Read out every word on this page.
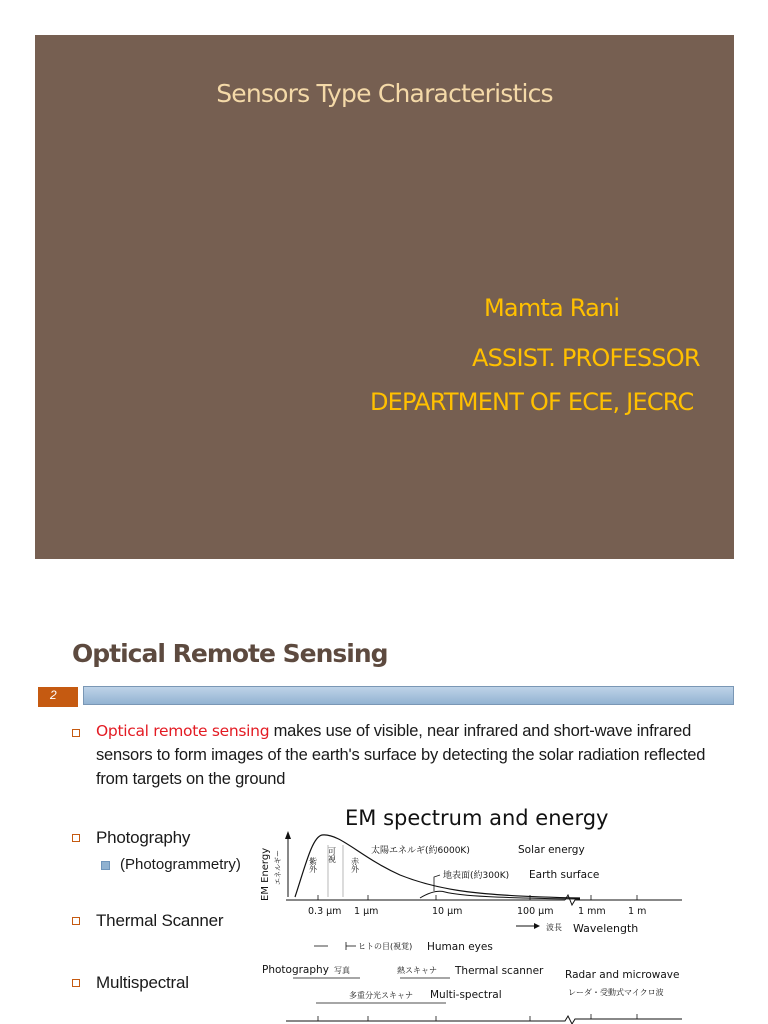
Sensors Type Characteristics
Mamta Rani
ASSIST. PROFESSOR
DEPARTMENT OF ECE, JECRC
Optical Remote Sensing
2
Optical remote sensing makes use of visible, near infrared and short-wave infrared sensors to form images of the earth's surface by detecting the solar radiation reflected from targets on the ground
Photography
(Photogrammetry)
Thermal Scanner
Multispectral
EM spectrum and energy
EM Energy エネルギー	紫外
可視
赤外
太陽エネルギ(約6000K)	Solar energy
地表面(約300K) Earth surface
0.3 μm 1 μm	10 μm	100 μm	1 mm 1 m
波長 Wavelength
ヒトの目(視覚) Human eyes
Photography 写真	熱スキャナ Thermal scanner Radar and microwave
レーダ・受動式マイクロ波
多重分光スキャナ Multi-spectral
